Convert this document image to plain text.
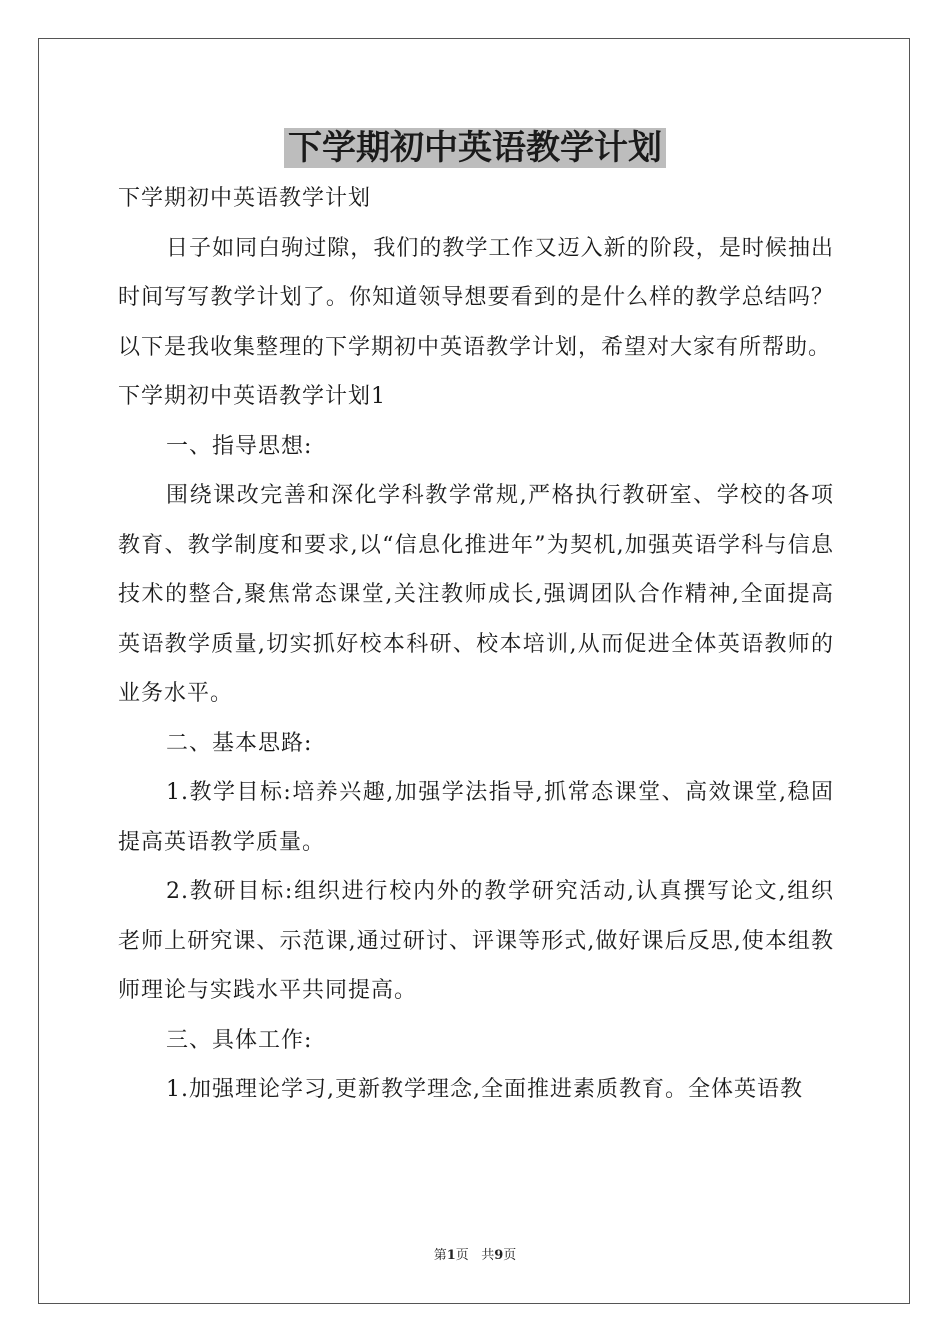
下学期初中英语教学计划

下学期初中英语教学计划

日子如同白驹过隙，我们的教学工作又迈入新的阶段，是时候抽出时间写写教学计划了。你知道领导想要看到的是什么样的教学总结吗？以下是我收集整理的下学期初中英语教学计划，希望对大家有所帮助。

下学期初中英语教学计划1

一、指导思想:

围绕课改完善和深化学科教学常规,严格执行教研室、学校的各项教育、教学制度和要求,以“信息化推进年”为契机,加强英语学科与信息技术的整合,聚焦常态课堂,关注教师成长,强调团队合作精神,全面提高英语教学质量,切实抓好校本科研、校本培训,从而促进全体英语教师的业务水平。

二、基本思路:

1.教学目标:培养兴趣,加强学法指导,抓常态课堂、高效课堂,稳固提高英语教学质量。

2.教研目标:组织进行校内外的教学研究活动,认真撰写论文,组织老师上研究课、示范课,通过研讨、评课等形式,做好课后反思,使本组教师理论与实践水平共同提高。

三、具体工作:

1.加强理论学习,更新教学理念,全面推进素质教育。全体英语教

第1页 共9页
